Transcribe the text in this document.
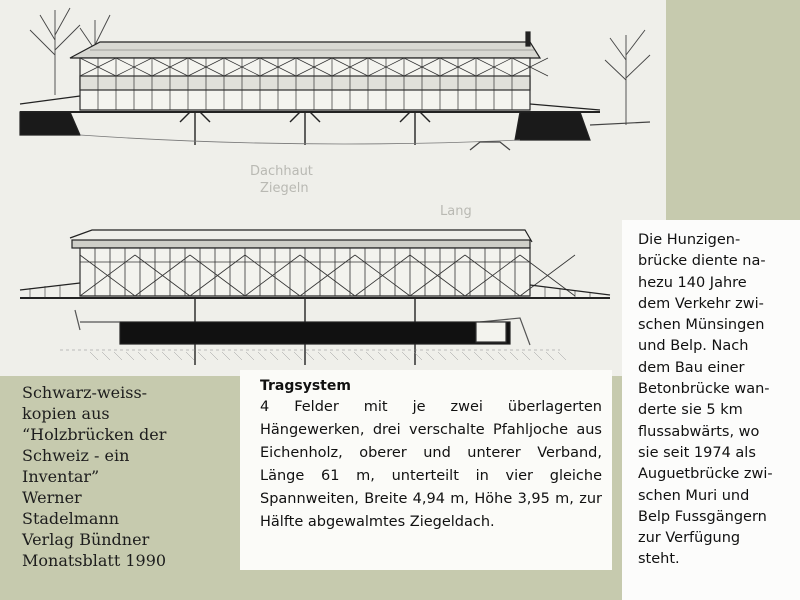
Lang
Dachhaut
Ziegeln
Schwarz-weiss-
kopien aus
“Holzbrücken der
Schweiz - ein
Inventar”
Werner
Stadelmann
Verlag Bündner
Monatsblatt 1990
Tragsystem

4 Felder mit je zwei überlagerten Hängewerken, drei verschalte Pfahljoche aus Eichenholz, oberer und unterer Verband, Länge 61 m, unterteilt in vier gleiche Spannweiten, Breite 4,94 m, Höhe 3,95 m, zur Hälfte abgewalmtes Ziegeldach.

Die Hunzigen-
brücke diente na-
hezu 140 Jahre
dem Verkehr zwi-
schen Münsingen
und Belp. Nach
dem Bau einer
Betonbrücke wan-
derte sie 5 km
flussabwärts, wo
sie seit 1974 als
Auguetbrücke zwi-
schen Muri und
Belp Fussgängern
zur Verfügung
steht.
